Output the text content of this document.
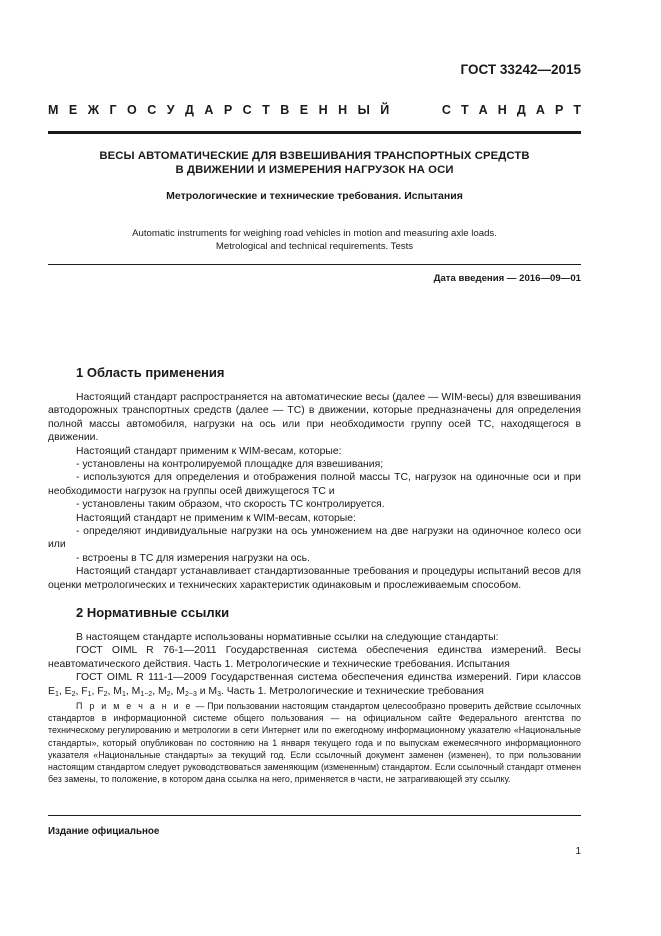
ГОСТ 33242—2015
М Е Ж Г О С У Д А Р С Т В Е Н Н Ы Й	С Т А Н Д А Р Т
ВЕСЫ АВТОМАТИЧЕСКИЕ ДЛЯ ВЗВЕШИВАНИЯ ТРАНСПОРТНЫХ СРЕДСТВ
В ДВИЖЕНИИ И ИЗМЕРЕНИЯ НАГРУЗОК НА ОСИ
Метрологические и технические требования. Испытания
Automatic instruments for weighing road vehicles in motion and measuring axle loads.
Metrological and technical requirements. Tests
Дата введения — 2016—09—01
1 Область применения
Настоящий стандарт распространяется на автоматические весы (далее — WIM-весы) для взвешивания автодорожных транспортных средств (далее — ТС) в движении, которые предназначены для определения полной массы автомобиля, нагрузки на ось или при необходимости группу осей ТС, находящегося в движении.
Настоящий стандарт применим к WIM-весам, которые:
- установлены на контролируемой площадке для взвешивания;
- используются для определения и отображения полной массы ТС, нагрузок на одиночные оси и при необходимости нагрузок на группы осей движущегося ТС и
- установлены таким образом, что скорость ТС контролируется.
Настоящий стандарт не применим к WIM-весам, которые:
- определяют индивидуальные нагрузки на ось умножением на две нагрузки на одиночное колесо оси или
- встроены в ТС для измерения нагрузки на ось.
Настоящий стандарт устанавливает стандартизованные требования и процедуры испытаний весов для оценки метрологических и технических характеристик одинаковым и прослеживаемым способом.
2 Нормативные ссылки
В настоящем стандарте использованы нормативные ссылки на следующие стандарты:
ГОСТ OIML R 76-1—2011 Государственная система обеспечения единства измерений. Весы неавтоматического действия. Часть 1. Метрологические и технические требования. Испытания
ГОСТ OIML R 111-1—2009 Государственная система обеспечения единства измерений. Гири классов $E_1$, $E_2$, $F_1$, $F_2$, $M_1$, $M_{1-2}$, $M_2$, $M_{2-3}$ и $M_3$. Часть 1. Метрологические и технические требования
П р и м е ч а н и е — При пользовании настоящим стандартом целесообразно проверить действие ссылочных стандартов в информационной системе общего пользования — на официальном сайте Федерального агентства по техническому регулированию и метрологии в сети Интернет или по ежегодному информационному указателю «Национальные стандарты», который опубликован по состоянию на 1 января текущего года и по выпускам ежемесячного информационного указателя «Национальные стандарты» за текущий год. Если ссылочный документ заменен (изменен), то при пользовании настоящим стандартом следует руководствоваться заменяющим (измененным) стандартом. Если ссылочный стандарт отменен без замены, то положение, в котором дана ссылка на него, применяется в части, не затрагивающей эту ссылку.
Издание официальное
1
